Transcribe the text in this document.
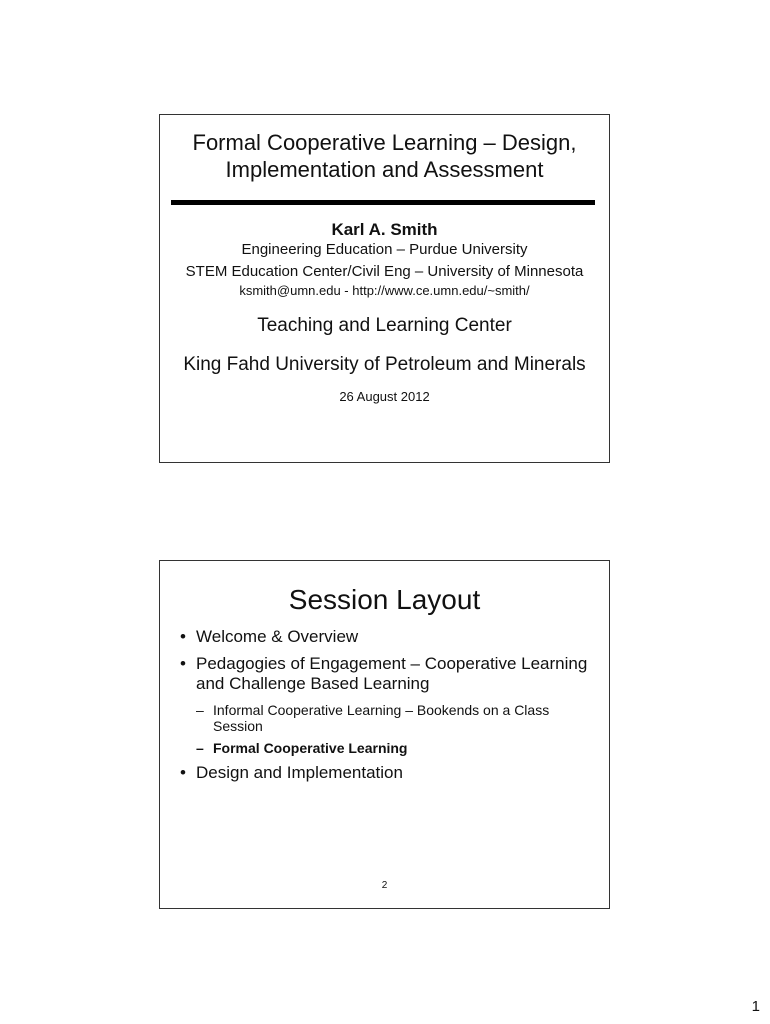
Formal Cooperative Learning – Design,
Implementation and Assessment
Karl A. Smith
Engineering Education – Purdue University
STEM Education Center/Civil Eng – University of Minnesota
ksmith@umn.edu - http://www.ce.umn.edu/~smith/
Teaching and Learning Center
King Fahd University of Petroleum and Minerals
26 August 2012
Session Layout
• Welcome & Overview
• Pedagogies of Engagement – Cooperative Learning and Challenge Based Learning
– Informal Cooperative Learning – Bookends on a Class Session
– Formal Cooperative Learning
• Design and Implementation
2
1
